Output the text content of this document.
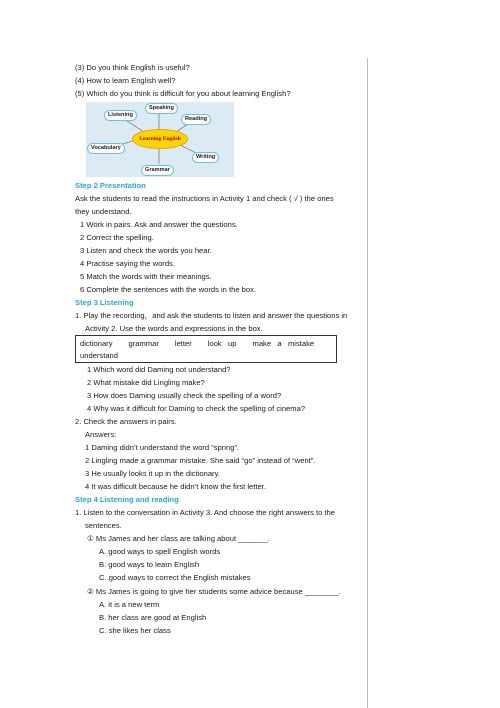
(3) Do you think English is useful?
(4) How to learn English well?
(5) Which do you think is difficult for you about learning English?
Speaking
Listening
Reading
Learning English
Vocabulary
Writing
Grammar
Step 2 Presentation
Ask the students to read the instructions in Activity 1 and check ( √ ) the ones
they understand.
1 Work in pairs. Ask and answer the questions.
2 Correct the spelling.
3 Listen and check the words you hear.
4 Practise saying the words.
5 Match the words with their meanings.
6 Complete the sentences with the words in the box.
Step 3 Listening
1. Play the recording，and ask the students to listen and answer the questions in
Activity 2. Use the words and expressions in the box.
dictionary grammar letter look   up make   a   mistake
understand
1 Which word did Daming not understand?
2 What mistake did Lingling make?
3 How does Daming usually check the spelling of a word?
4 Why was it difficult for Daming to check the spelling of cinema?
2. Check the answers in pairs.
Answers:
1 Daming didn’t understand the word “spring”.
2 Lingling made a grammar mistake. She said “go” instead of “went”.
3 He usually looks it up in the dictionary.
4 It was difficult because he didn’t know the first letter.
Step 4 Listening and reading
1. Listen to the conversation in Activity 3. And choose the right answers to the
sentences.
① Ms James and her class are talking about _______.
A. good ways to spell English words
B. good ways to learn English
C. good ways to correct the English mistakes
② Ms James is going to give her students some advice because ________.
A. it is a new term
B. her class are good at English
C. she likes her class
